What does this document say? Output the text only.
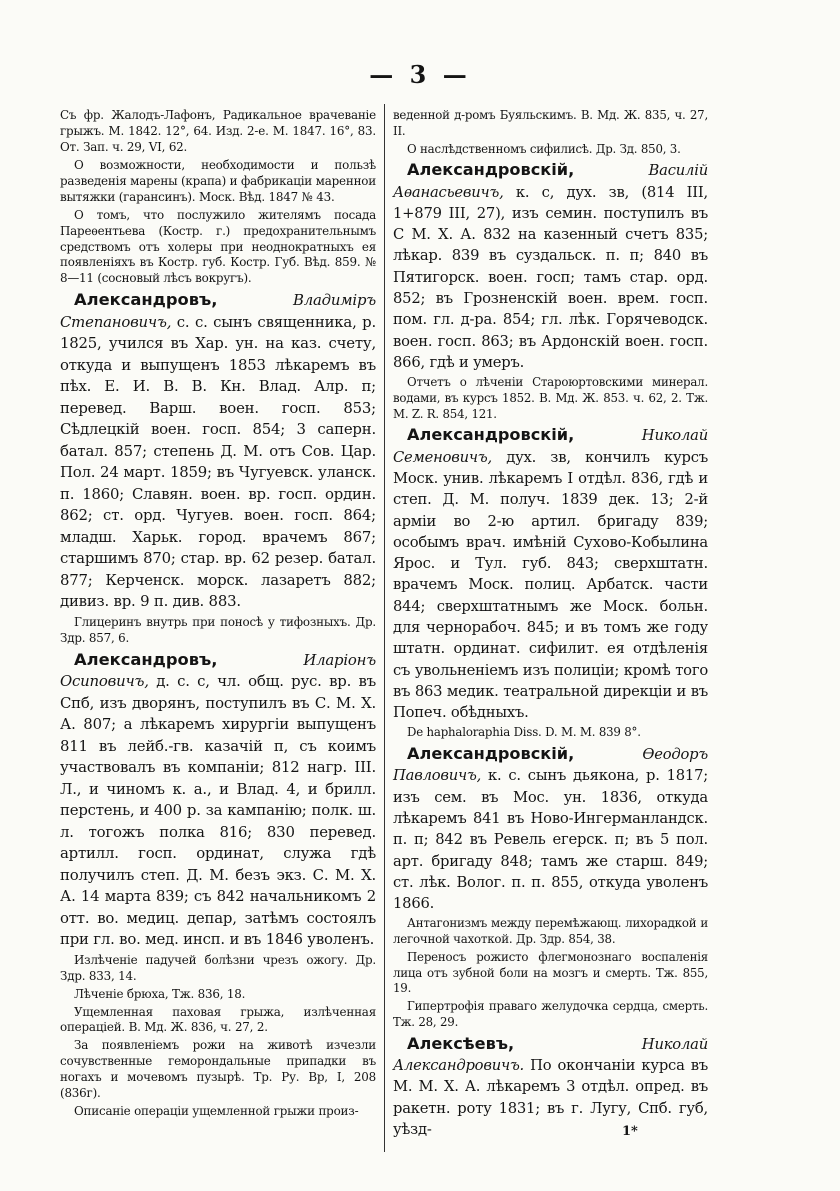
— 3 —

Съ фр. Жалодъ-Лафонъ, Радикальное врачеванiе грыжъ. М. 1842. 12°, 64. Изд. 2-е. М. 1847. 16°, 83. От. Зап. ч. 29, VI, 62.

О возможности, необходимости и пользѣ разведенiя марены (крапа) и фабрикацiи мареннои вытяжки (гарансинъ). Моск. Вѣд. 1847 № 43.

О томъ, что послужило жителямъ посада Пареѳентьева (Костр. г.) предохранительнымъ средствомъ отъ холеры при неоднократныхъ ея появленiяхъ въ Костр. губ. Костр. Губ. Вѣд. 859. № 8—11 (сосновый лѣсъ вокругъ).

Александровъ, Владимiръ Степановичъ, с. с. сынъ священника, р. 1825, учился въ Хар. ун. на каз. счету, откуда и выпущенъ 1853 лѣкаремъ въ пѣх. Е. И. В. В. Кн. Влад. Алр. п; перевед. Варш. воен. госп. 853; Сѣдлецкiй воен. госп. 854; 3 саперн. батал. 857; степень Д. М. отъ Сов. Цар. Пол. 24 март. 1859; въ Чугуевск. уланск. п. 1860; Славян. воен. вр. госп. ордин. 862; ст. орд. Чугуев. воен. госп. 864; младш. Харьк. город. врачемъ 867; старшимъ 870; стар. вр. 62 резер. батал. 877; Керченск. морск. лазаретъ 882; дивиз. вр. 9 п. див. 883.

Глицеринъ внутрь при поносѣ у тифозныхъ. Др. Здр. 857, 6.

Александровъ, Иларiонъ Осиповичъ, д. с. с, чл. общ. рус. вр. въ Спб, изъ дворянъ, поступилъ въ С. М. Х. А. 807; а лѣкаремъ хирургiи выпущенъ 811 въ лейб.-гв. казачiй п, съ коимъ участвовалъ въ компанiи; 812 нагр. III. Л., и чиномъ к. а., и Влад. 4, и брилл. перстень, и 400 р. за кампанiю; полк. ш. л. тогожъ полка 816; 830 перевед. артилл. госп. ординат, служа гдѣ получилъ степ. Д. М. безъ экз. С. М. Х. А. 14 марта 839; съ 842 начальникомъ 2 отт. во. медиц. депар, затѣмъ состоялъ при гл. во. мед. инсп. и въ 1846 уволенъ.

Излѣченiе падучей болѣзни чрезъ ожогу. Др. Здр. 833, 14.

Лѣченiе брюха, Тж. 836, 18.

Ущемленная паховая грыжа, излѣченная операцiей. В. Мд. Ж. 836, ч. 27, 2.

За появленiемъ рожи на животѣ изчезли сочувственные геморондальные припадки въ ногахъ и мочевомъ пузырѣ. Тр. Ру. Вр, I, 208 (836г).

Описанiе операцiи ущемленной грыжи произ-

веденной д-ромъ Буяльскимъ. В. Мд. Ж. 835, ч. 27, II.

О наслѣдственномъ сифилисѣ. Др. Зд. 850, 3.

Александровскiй, Василiй Аѳанасьевичъ, к. с, дух. зв, (814 III, 1+879 III, 27), изъ семин. поступилъ въ С М. Х. А. 832 на казенный счетъ 835; лѣкар. 839 въ суздальск. п. п; 840 въ Пятигорск. воен. госп; тамъ стар. орд. 852; въ Грозненскiй воен. врем. госп. пом. гл. д-ра. 854; гл. лѣк. Горячеводск. воен. госп. 863; въ Ардонскiй воен. госп. 866, гдѣ и умеръ.

Отчетъ о лѣченiи Староюртовскими минерал. водами, въ курсъ 1852. В. Мд. Ж. 853. ч. 62, 2. Тж. М. Z. R. 854, 121.

Александровскiй, Николай Семеновичъ, дух. зв, кончилъ курсъ Моск. унив. лѣкаремъ I отдѣл. 836, гдѣ и степ. Д. М. получ. 1839 дек. 13; 2-й армiи во 2-ю артил. бригаду 839; особымъ врач. имѣнiй Сухово-Кобылина Ярос. и Тул. губ. 843; сверхштатн. врачемъ Моск. полиц. Арбатск. части 844; сверхштатнымъ же Моск. больн. для чернорабоч. 845; и въ томъ же году штатн. ординат. сифилит. ея отдѣленiя съ увольненiемъ изъ полицiи; кромѣ того въ 863 медик. театральной дирекцiи и въ Попеч. обѣдныхъ.

De haphalоraphia Diss. D. M. M. 839 8°.

Александровскiй, Ѳеодоръ Павловичъ, к. с. сынъ дьякона, р. 1817; изъ сем. въ Мос. ун. 1836, откуда лѣкаремъ 841 въ Ново-Ингерманландск. п. п; 842 въ Ревель егерск. п; въ 5 пол. арт. бригаду 848; тамъ же старш. 849; ст. лѣк. Волог. п. п. 855, откуда уволенъ 1866.

Антагонизмъ между перемѣжающ. лихорадкой и легочной чахоткой. Др. Здр. 854, 38.

Переносъ рожисто флегмонознаго воспаленiя лица отъ зубной боли на мозгъ и смерть. Тж. 855, 19.

Гипертрофiя праваго желудочка сердца, смерть. Тж. 28, 29.

Алексѣевъ, Николай Александровичъ. По окончанiи курса въ М. М. Х. А. лѣкаремъ 3 отдѣл. опред. въ ракетн. роту 1831; въ г. Лугу, Спб. губ, уѣзд-	1*
